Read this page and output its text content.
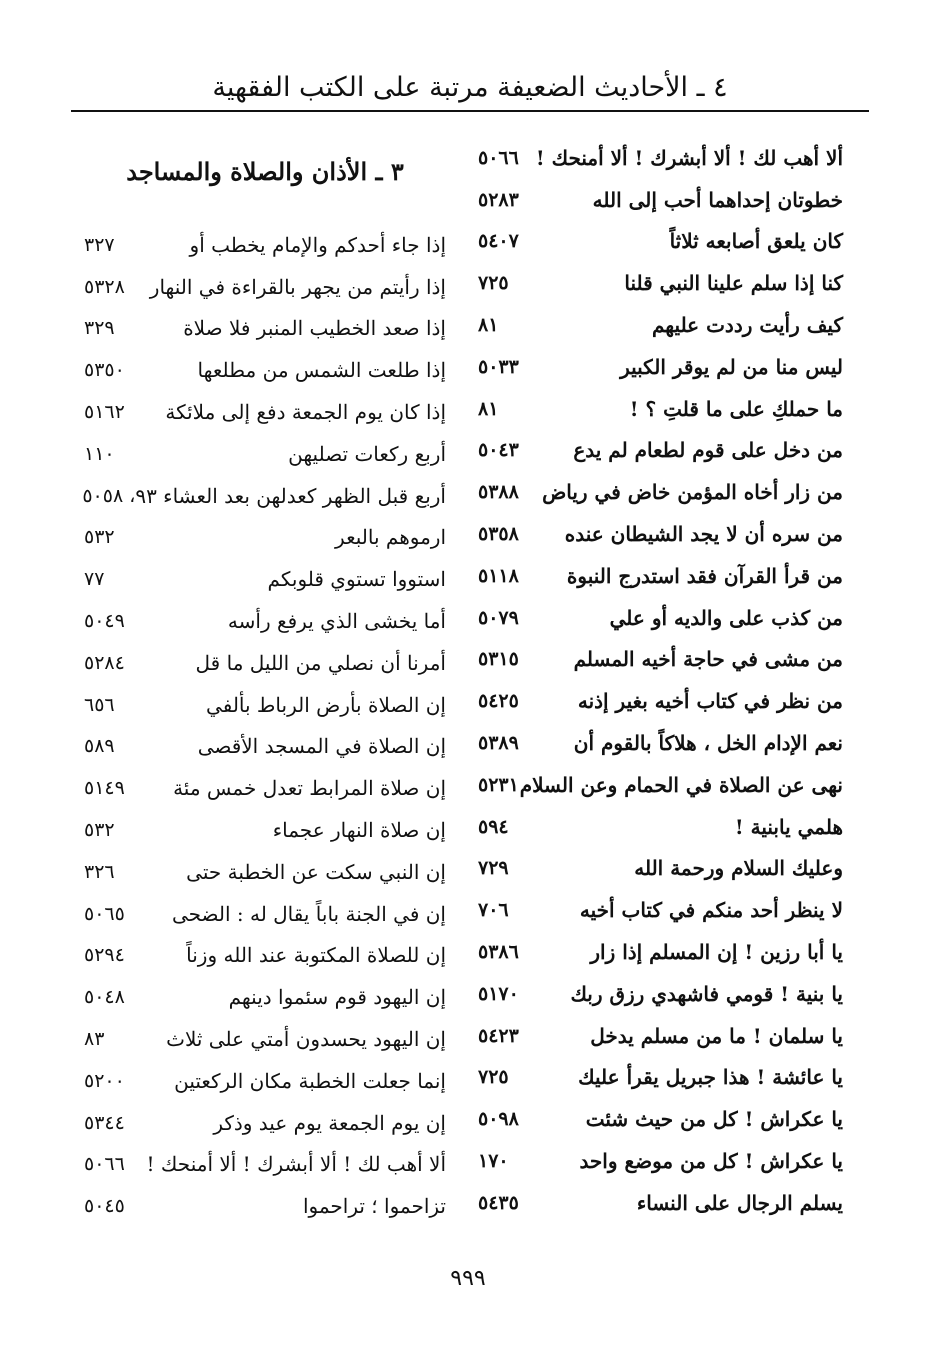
٤ ـ الأحاديث الضعيفة مرتبة على الكتب الفقهية
ألا أهب لك ! ألا أبشرك ! ألا أمنحك !
٥٠٦٦
خطوتان إحداهما أحب إلى الله
٥٢٨٣
كان يلعق أصابعه ثلاثاً
٥٤٠٧
كنا إذا سلم علينا النبي قلنا
٧٢٥
كيف رأيت رددت عليهم
٨١
ليس منا من لم يوقر الكبير
٥٠٣٣
ما حملكِ على ما قلتِ ؟ !
٨١
من دخل على قوم لطعام لم يدع
٥٠٤٣
من زار أخاه المؤمن خاض في رياض
٥٣٨٨
من سره أن لا يجد الشيطان عنده
٥٣٥٨
من قرأ القرآن فقد استدرج النبوة
٥١١٨
من كذب على والديه أو علي
٥٠٧٩
من مشى في حاجة أخيه المسلم
٥٣١٥
من نظر في كتاب أخيه بغير إذنه
٥٤٢٥
نعم الإدام الخل ، هلاكاً بالقوم أن
٥٣٨٩
نهى عن الصلاة في الحمام وعن السلام
٥٢٣١
هلمي يابنية !
٥٩٤
وعليك السلام ورحمة الله
٧٢٩
لا ينظر أحد منكم في كتاب أخيه
٧٠٦
يا أبا رزين ! إن المسلم إذا زار
٥٣٨٦
يا بنية ! قومي فاشهدي رزق ربك
٥١٧٠
يا سلمان ! ما من مسلم يدخل
٥٤٢٣
يا عائشة ! هذا جبريل يقرأ عليك
٧٢٥
يا عكراش ! كل من حيث شئت
٥٠٩٨
يا عكراش ! كل من موضع واحد
١٧٠
يسلم الرجال على النساء
٥٤٣٥
٣ ـ الأذان والصلاة والمساجد
إذا جاء أحدكم والإمام يخطب أو
٣٢٧
إذا رأيتم من يجهر بالقراءة في النهار
٥٣٢٨
إذا صعد الخطيب المنبر فلا صلاة
٣٢٩
إذا طلعت الشمس من مطلعها
٥٣٥٠
إذا كان يوم الجمعة دفع إلى ملائكة
٥١٦٢
أربع ركعات تصليهن
١١٠
أربع قبل الظهر كعدلهن بعد العشاء ٩٣
، ٥٠٥٨
ارموهم بالبعر
٥٣٢
استووا تستوي قلوبكم
٧٧
أما يخشى الذي يرفع رأسه
٥٠٤٩
أمرنا أن نصلي من الليل ما قل
٥٢٨٤
إن الصلاة بأرض الرباط بألفي
٦٥٦
إن الصلاة في المسجد الأقصى
٥٨٩
إن صلاة المرابط تعدل خمس مئة
٥١٤٩
إن صلاة النهار عجماء
٥٣٢
إن النبي سكت عن الخطبة حتى
٣٢٦
إن في الجنة باباً يقال له : الضحى
٥٠٦٥
إن للصلاة المكتوبة عند الله وزناً
٥٢٩٤
إن اليهود قوم سئموا دينهم
٥٠٤٨
إن اليهود يحسدون أمتي على ثلاث
٨٣
إنما جعلت الخطبة مكان الركعتين
٥٢٠٠
إن يوم الجمعة يوم عيد وذكر
٥٣٤٤
ألا أهب لك ! ألا أبشرك ! ألا أمنحك !
٥٠٦٦
تزاحموا ؛ تراحموا
٥٠٤٥
٩٩٩
